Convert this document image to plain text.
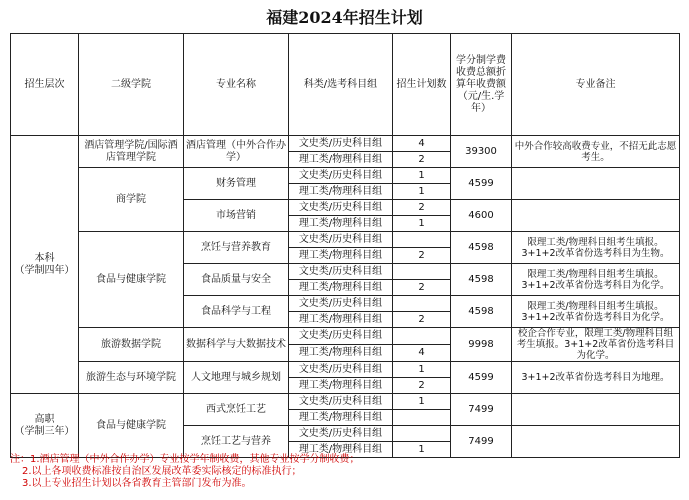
福建2024年招生计划
招生层次	二级学院	专业名称	科类/选考科目组	招生计划数	学分制学费收费总额折算年收费额（元/生.学年）	专业备注
本科
（学制四年）	酒店管理学院/国际酒店管理学院	酒店管理（中外合作办学）	文史类/历史科目组	4	39300	中外合作较高收费专业，不招无此志愿考生。
			理工类/物理科目组	2		
	商学院	财务管理	文史类/历史科目组	1	4599	
			理工类/物理科目组	1		
		市场营销	文史类/历史科目组	2	4600	
			理工类/物理科目组	1		
	食品与健康学院	烹饪与营养教育	文史类/历史科目组		4598	限理工类/物理科目组考生填报。3+1+2改革省份选考科目为生物。
			理工类/物理科目组	2		
		食品质量与安全	文史类/历史科目组		4598	限理工类/物理科目组考生填报。3+1+2改革省份选考科目为化学。
			理工类/物理科目组	2		
		食品科学与工程	文史类/历史科目组		4598	限理工类/物理科目组考生填报。3+1+2改革省份选考科目为化学。
			理工类/物理科目组	2		
	旅游数据学院	数据科学与大数据技术	文史类/历史科目组		9998	校企合作专业，限理工类/物理科目组考生填报。3+1+2改革省份选考科目为化学。
			理工类/物理科目组	4		
	旅游生态与环境学院	人文地理与城乡规划	文史类/历史科目组	1	4599	3+1+2改革省份选考科目为地理。
			理工类/物理科目组	2		
高职
（学制三年）	食品与健康学院	西式烹饪工艺	文史类/历史科目组	1	7499	
			理工类/物理科目组			
		烹饪工艺与营养	文史类/历史科目组		7499	
			理工类/物理科目组	1		
注：1.酒店管理（中外合作办学）专业按学年制收费，其他专业按学分制收费；
2.以上各项收费标准按自治区发展改革委实际核定的标准执行；
3.以上专业招生计划以各省教育主管部门发布为准。
